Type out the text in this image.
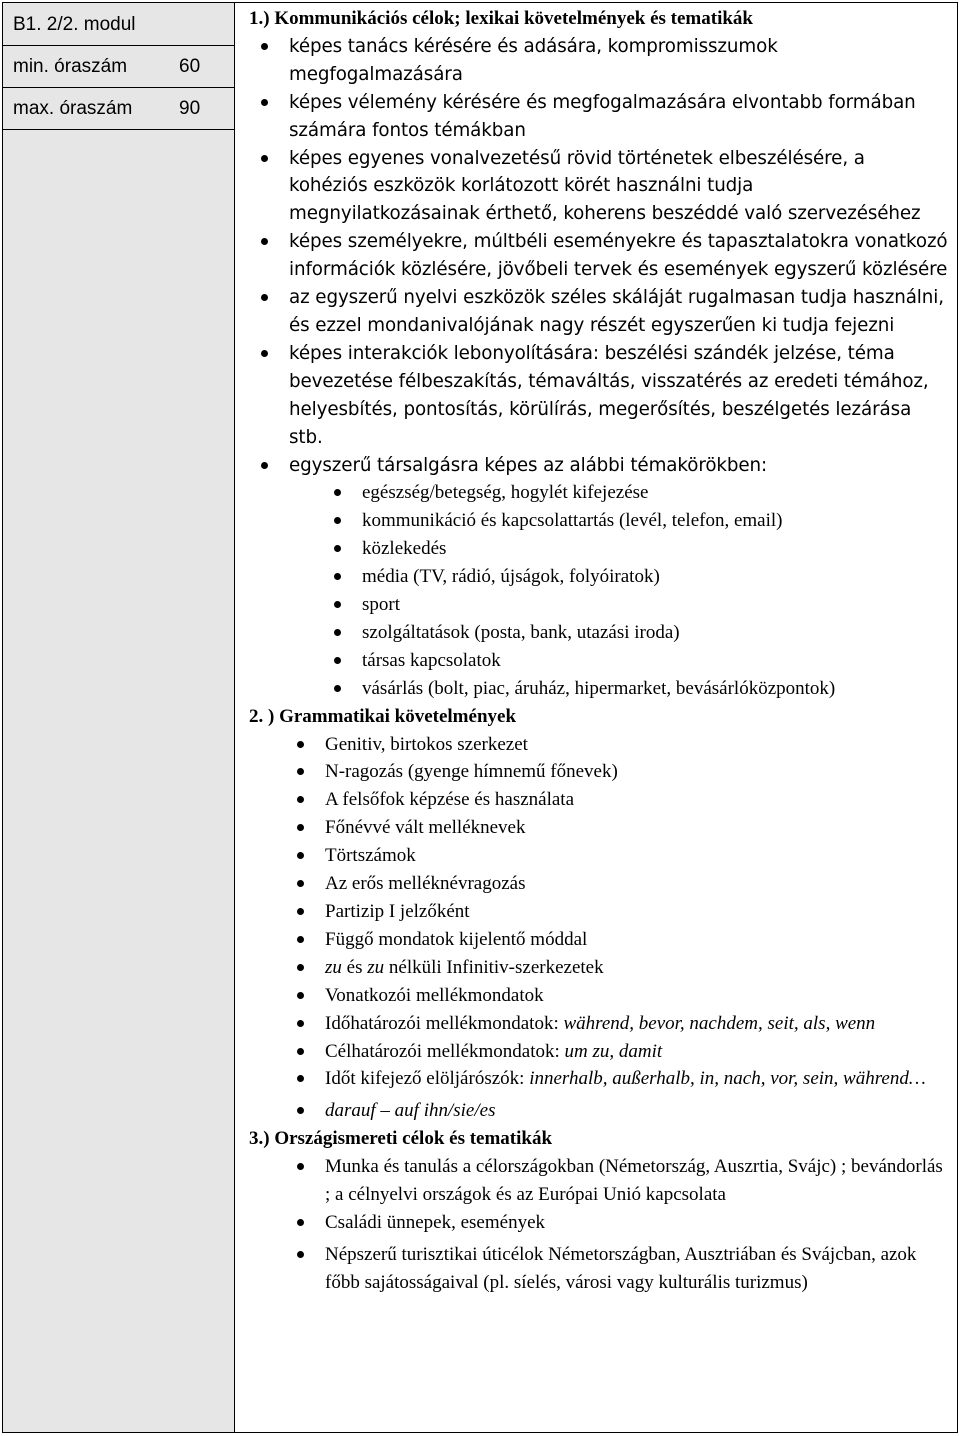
B1. 2/2. modul
min. óraszám	60
max. óraszám 90
1.) Kommunikációs célok; lexikai követelmények és tematikák
képes tanács kérésére és adására, kompromisszumok megfogalmazására
képes vélemény kérésére és megfogalmazására elvontabb formában számára fontos témákban
képes egyenes vonalvezetésű rövid történetek elbeszélésére, a kohéziós eszközök korlátozott körét használni tudja megnyilatkozásainak érthető, koherens beszéddé való szervezéséhez
képes személyekre, múltbéli eseményekre és tapasztalatokra vonatkozó információk közlésére, jövőbeli tervek és események egyszerű közlésére
az egyszerű nyelvi eszközök széles skáláját rugalmasan tudja használni, és ezzel mondanivalójának nagy részét egyszerűen ki tudja fejezni
képes interakciók lebonyolítására: beszélési szándék jelzése, téma bevezetése félbeszakítás, témaváltás, visszatérés az eredeti témához, helyesbítés, pontosítás, körülírás, megerősítés, beszélgetés lezárása stb.
egyszerű társalgásra képes az alábbi témakörökben:
egészség/betegség, hogylét kifejezése
kommunikáció és kapcsolattartás (levél, telefon, email)
közlekedés
média (TV, rádió, újságok, folyóiratok)
sport
szolgáltatások (posta, bank, utazási iroda)
társas kapcsolatok
vásárlás (bolt, piac, áruház, hipermarket, bevásárlóközpontok)
2. ) Grammatikai követelmények
Genitiv, birtokos szerkezet
N-ragozás (gyenge hímnemű főnevek)
A felsőfok képzése és használata
Főnévvé vált melléknevek
Törtszámok
Az erős melléknévragozás
Partizip I jelzőként
Függő mondatok kijelentő móddal
zu és zu nélküli Infinitiv-szerkezetek
Vonatkozói mellékmondatok
Időhatározói mellékmondatok: während, bevor, nachdem, seit, als, wenn
Célhatározói mellékmondatok: um zu, damit
Időt kifejező elöljárószók: innerhalb, außerhalb, in, nach, vor, sein, während…
darauf – auf ihn/sie/es
3.) Országismereti célok és tematikák
Munka és tanulás a célországokban (Németország, Auszrtia, Svájc) ; bevándorlás ; a célnyelvi országok és az Európai Unió kapcsolata
Családi ünnepek, események
Népszerű turisztikai úticélok Németországban, Ausztriában és Svájcban, azok főbb sajátosságaival (pl. síelés, városi vagy kulturális turizmus)
